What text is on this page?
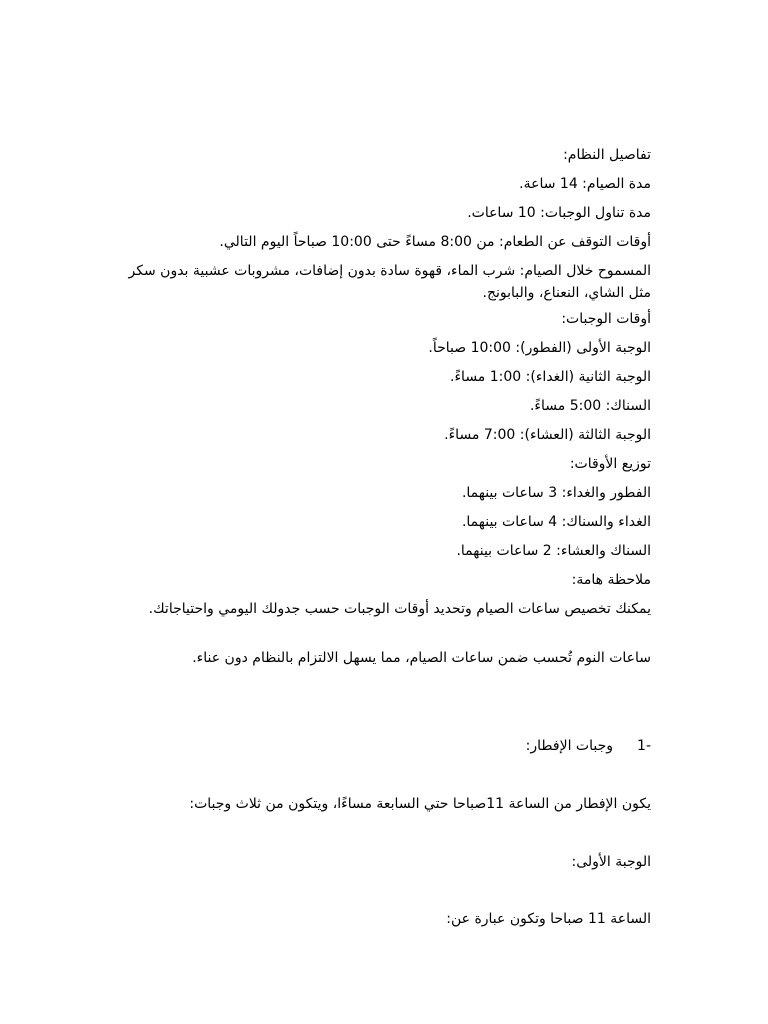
تفاصيل النظام:
مدة الصيام: 14 ساعة.
مدة تناول الوجبات: 10 ساعات.
أوقات التوقف عن الطعام: من 8:00 مساءً حتى 10:00 صباحاً اليوم التالي.
المسموح خلال الصيام: شرب الماء، قهوة سادة بدون إضافات، مشروبات عشبية بدون سكر مثل الشاي، النعناع، والبابونج.
أوقات الوجبات:
الوجبة الأولى (الفطور): 10:00 صباحاً.
الوجبة الثانية (الغداء): 1:00 مساءً.
السناك: 5:00 مساءً.
الوجبة الثالثة (العشاء): 7:00 مساءً.
توزيع الأوقات:
الفطور والغداء: 3 ساعات بينهما.
الغداء والسناك: 4 ساعات بينهما.
السناك والعشاء: 2 ساعات بينهما.
ملاحظة هامة:
يمكنك تخصيص ساعات الصيام وتحديد أوقات الوجبات حسب جدولك اليومي واحتياجاتك.
ساعات النوم تُحسب ضمن ساعات الصيام، مما يسهل الالتزام بالنظام دون عناء.
-1وجبات الإفطار:
يكون الإفطار من الساعة 11صباحا حتي السابعة مساءًا، ويتكون من ثلاث وجبات:
الوجبة الأولى:
الساعة 11 صباحا وتكون عبارة عن:
